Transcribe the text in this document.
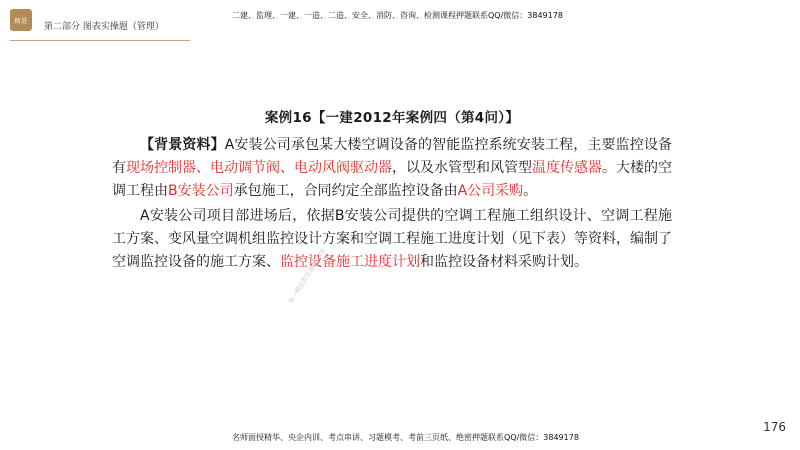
精进
第二部分 图表实操题（管理）
二建、监理、一建、一造、二造、安全、消防、咨询、检测课程押题联系QQ/微信：3849178
案例16【一建2012年案例四（第4问）】

【背景资料】A安装公司承包某大楼空调设备的智能监控系统安装工程，主要监控设备有现场控制器、电动调节阀、电动风阀驱动器，以及水管型和风管型温度传感器。大楼的空调工程由B安装公司承包施工，合同约定全部监控设备由A公司采购。

A安装公司项目部进场后，依据B安装公司提供的空调工程施工组织设计、空调工程施工方案、变风量空调机组监控设计方案和空调工程施工进度计划（见下表）等资料，编制了空调监控设备的施工方案、监控设备施工进度计划和监控设备材料采购计划。

唯一精进教育3849178
176
名师面授精华、央企内训、考点串讲、习题模考、考前三页纸、绝密押题联系QQ/微信：3849178
